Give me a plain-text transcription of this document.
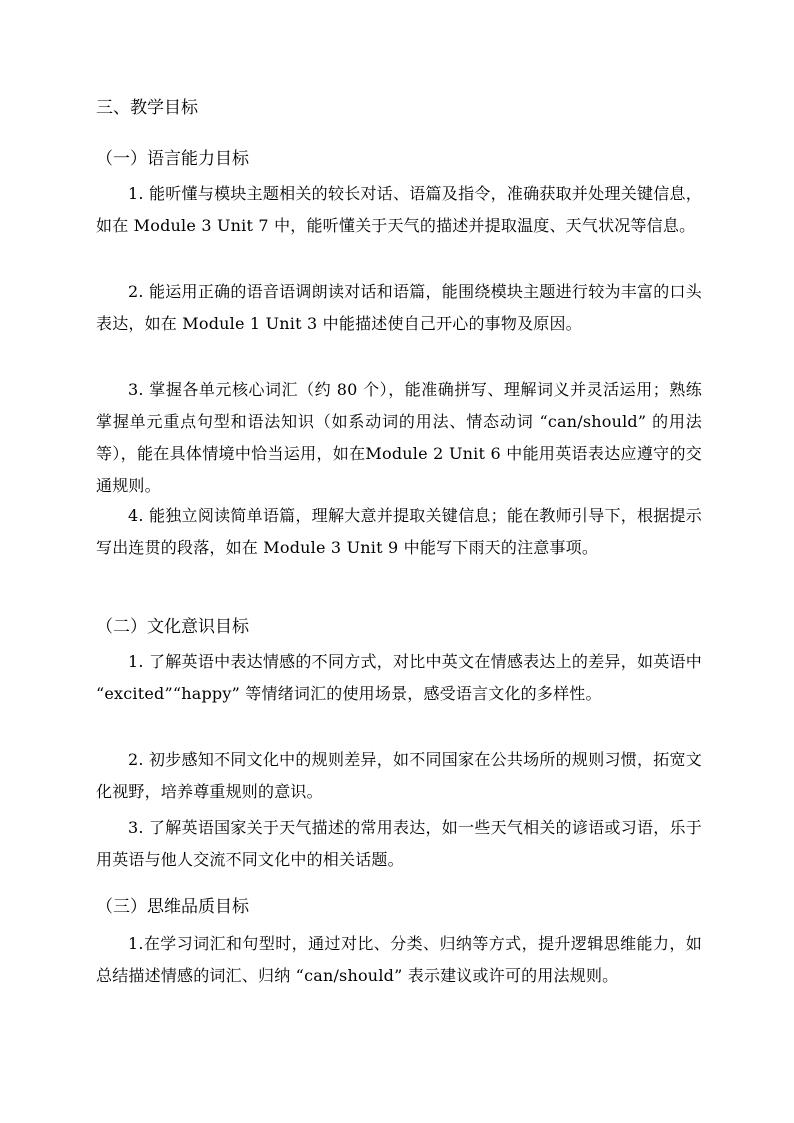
三、教学目标
（一）语言能力目标
1. 能听懂与模块主题相关的较长对话、语篇及指令，准确获取并处理关键信息，如在 Module 3 Unit 7 中，能听懂关于天气的描述并提取温度、天气状况等信息。
2. 能运用正确的语音语调朗读对话和语篇，能围绕模块主题进行较为丰富的口头表达，如在 Module 1 Unit 3 中能描述使自己开心的事物及原因。
3. 掌握各单元核心词汇（约 80 个），能准确拼写、理解词义并灵活运用；熟练掌握单元重点句型和语法知识（如系动词的用法、情态动词 “can/should” 的用法等），能在具体情境中恰当运用，如在Module 2 Unit 6 中能用英语表达应遵守的交通规则。
4. 能独立阅读简单语篇，理解大意并提取关键信息；能在教师引导下，根据提示写出连贯的段落，如在 Module 3 Unit 9 中能写下雨天的注意事项。
（二）文化意识目标
1. 了解英语中表达情感的不同方式，对比中英文在情感表达上的差异，如英语中 “excited”“happy” 等情绪词汇的使用场景，感受语言文化的多样性。
2. 初步感知不同文化中的规则差异，如不同国家在公共场所的规则习惯，拓宽文化视野，培养尊重规则的意识。
3. 了解英语国家关于天气描述的常用表达，如一些天气相关的谚语或习语，乐于用英语与他人交流不同文化中的相关话题。
（三）思维品质目标
1.在学习词汇和句型时，通过对比、分类、归纳等方式，提升逻辑思维能力，如总结描述情感的词汇、归纳 “can/should” 表示建议或许可的用法规则。
